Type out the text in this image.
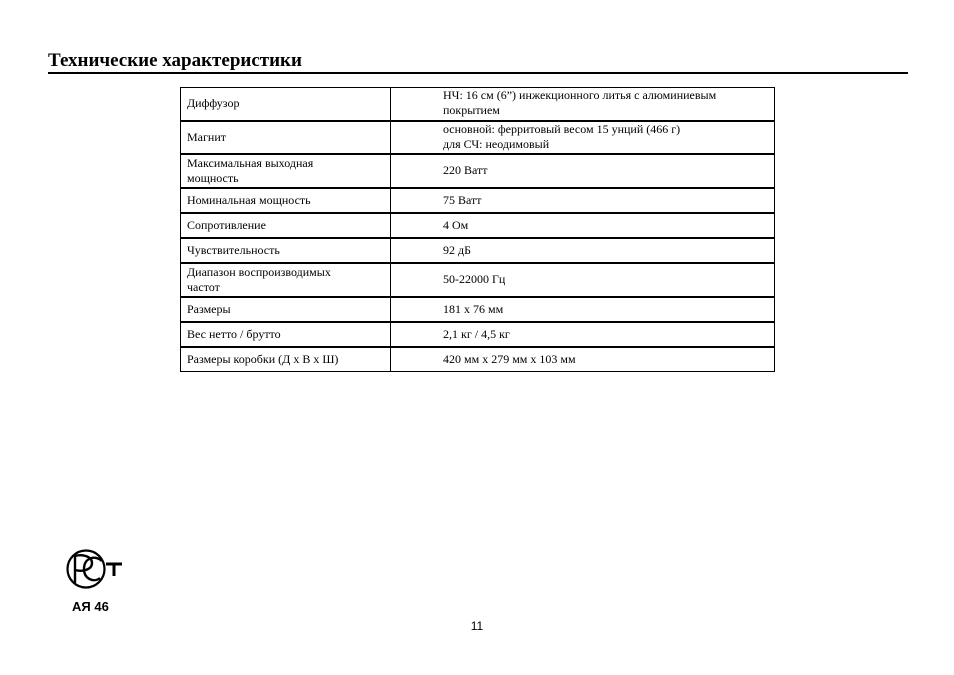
Технические характеристики
Диффузор	НЧ: 16 см (6”) инжекционного литья с алюминиевым
покрытием

Магнит	основной: ферритовый весом 15 унций (466 г)
для СЧ: неодимовый

Максимальная выходная
мощность	220 Ватт
Номинальная мощность	75 Ватт
Сопротивление	4 Ом
Чувствительность	92 дБ

Диапазон воспроизводимых
частот	50-22000 Гц
Размеры	181 х 76 мм
Вес нетто / брутто	2,1 кг / 4,5 кг
Размеры коробки (Д х В х Ш)	420 мм х 279 мм х 103 мм
АЯ 46
11
